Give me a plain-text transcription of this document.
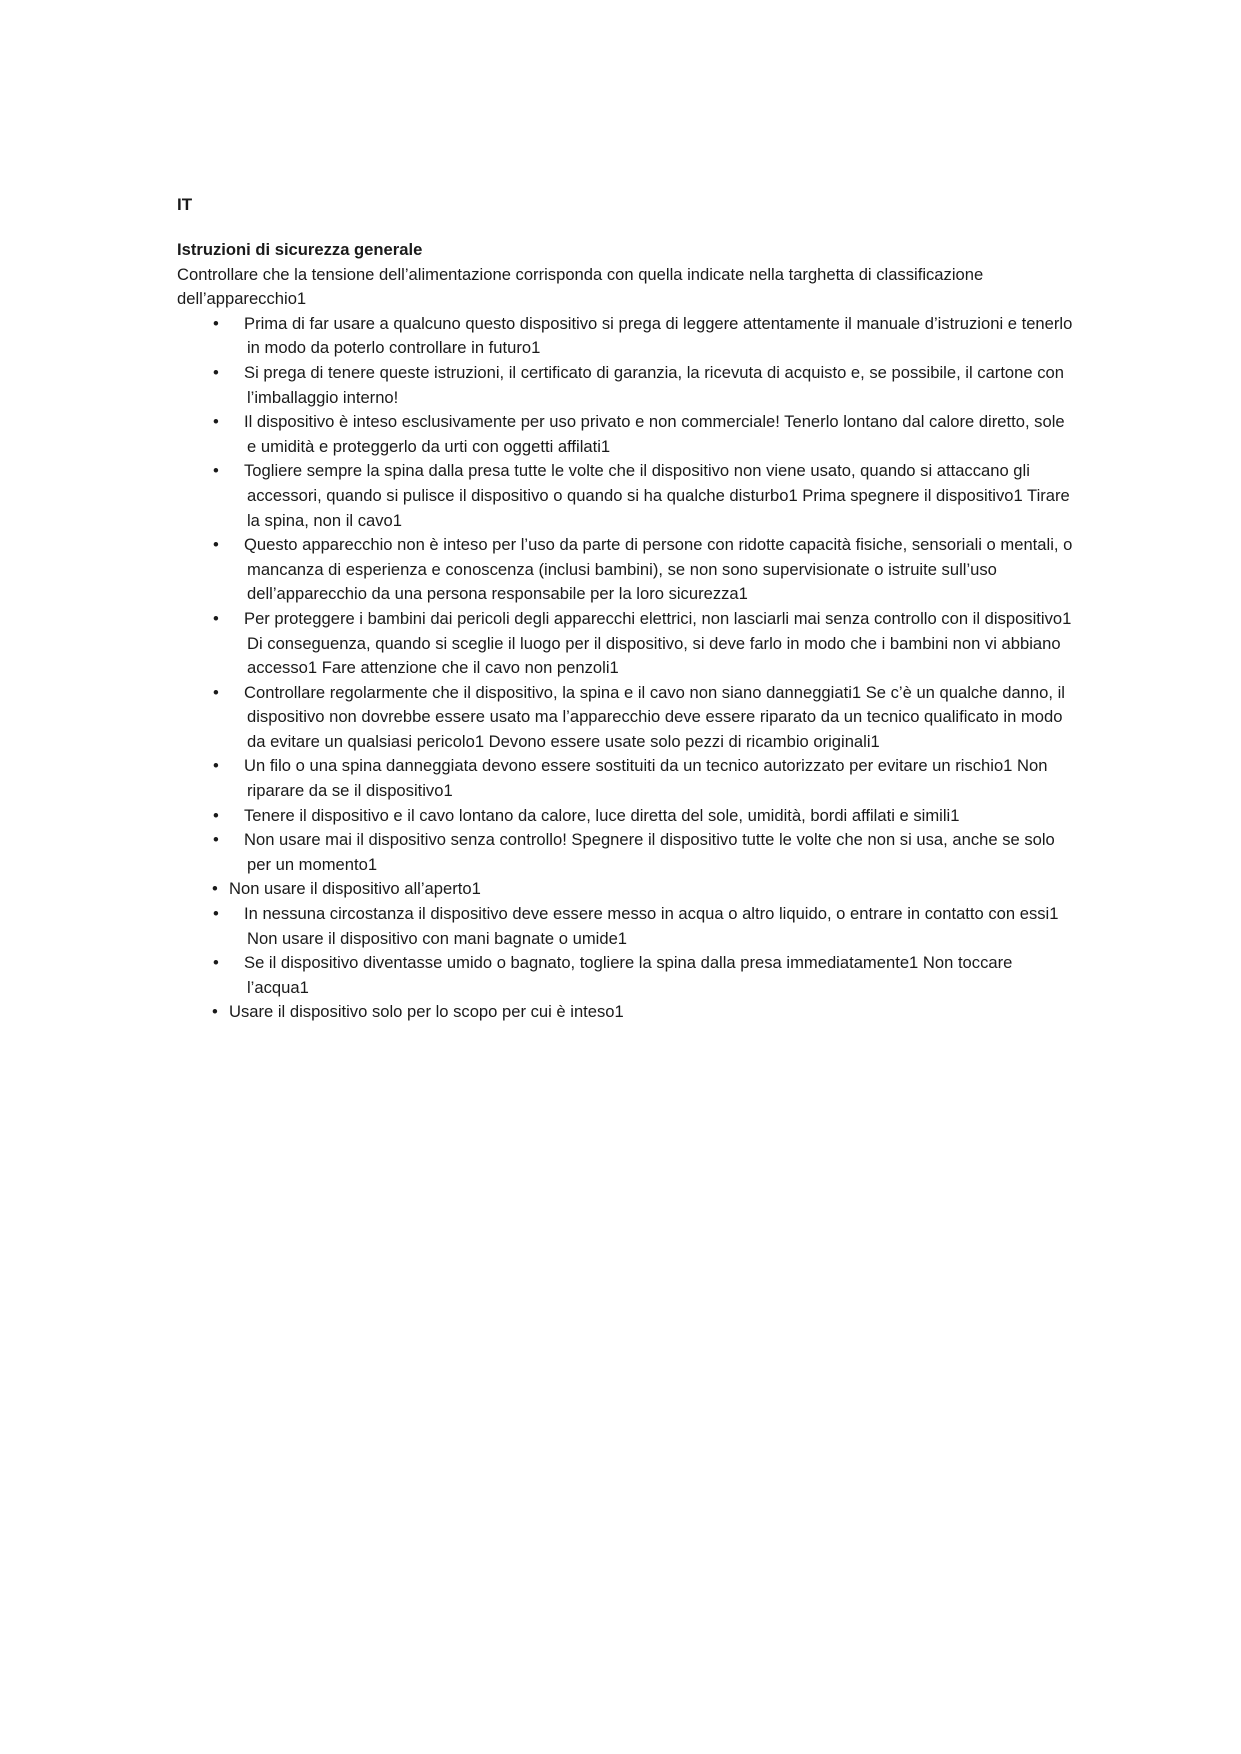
IT

Istruzioni di sicurezza generale

Controllare che la tensione dell’alimentazione corrisponda con quella indicate nella targhetta di classificazione dell’apparecchio1

• Prima di far usare a qualcuno questo dispositivo si prega di leggere attentamente il manuale d’istruzioni e tenerlo in modo da poterlo controllare in futuro1
• Si prega di tenere queste istruzioni, il certificato di garanzia, la ricevuta di acquisto e, se possibile, il cartone con l’imballaggio interno!
• Il dispositivo è inteso esclusivamente per uso privato e non commerciale! Tenerlo lontano dal calore diretto, sole e umidità e proteggerlo da urti con oggetti affilati1
• Togliere sempre la spina dalla presa tutte le volte che il dispositivo non viene usato, quando si attaccano gli accessori, quando si pulisce il dispositivo o quando si ha qualche disturbo1 Prima spegnere il dispositivo1 Tirare la spina, non il cavo1
• Questo apparecchio non è inteso per l’uso da parte di persone con ridotte capacità fisiche, sensoriali o mentali, o mancanza di esperienza e conoscenza (inclusi bambini), se non sono supervisionate o istruite sull’uso dell’apparecchio da una persona responsabile per la loro sicurezza1
• Per proteggere i bambini dai pericoli degli apparecchi elettrici, non lasciarli mai senza controllo con il dispositivo1 Di conseguenza, quando si sceglie il luogo per il dispositivo, si deve farlo in modo che i bambini non vi abbiano accesso1 Fare attenzione che il cavo non penzoli1
• Controllare regolarmente che il dispositivo, la spina e il cavo non siano danneggiati1 Se c’è un qualche danno, il dispositivo non dovrebbe essere usato ma l’apparecchio deve essere riparato da un tecnico qualificato in modo da evitare un qualsiasi pericolo1 Devono essere usate solo pezzi di ricambio originali1
• Un filo o una spina danneggiata devono essere sostituiti da un tecnico autorizzato per evitare un rischio1 Non riparare da se il dispositivo1
• Tenere il dispositivo e il cavo lontano da calore, luce diretta del sole, umidità, bordi affilati e simili1
• Non usare mai il dispositivo senza controllo! Spegnere il dispositivo tutte le volte che non si usa, anche se solo per un momento1
• Non usare il dispositivo all’aperto1
• In nessuna circostanza il dispositivo deve essere messo in acqua o altro liquido, o entrare in contatto con essi1 Non usare il dispositivo con mani bagnate o umide1
• Se il dispositivo diventasse umido o bagnato, togliere la spina dalla presa immediatamente1 Non toccare l’acqua1
• Usare il dispositivo solo per lo scopo per cui è inteso1
